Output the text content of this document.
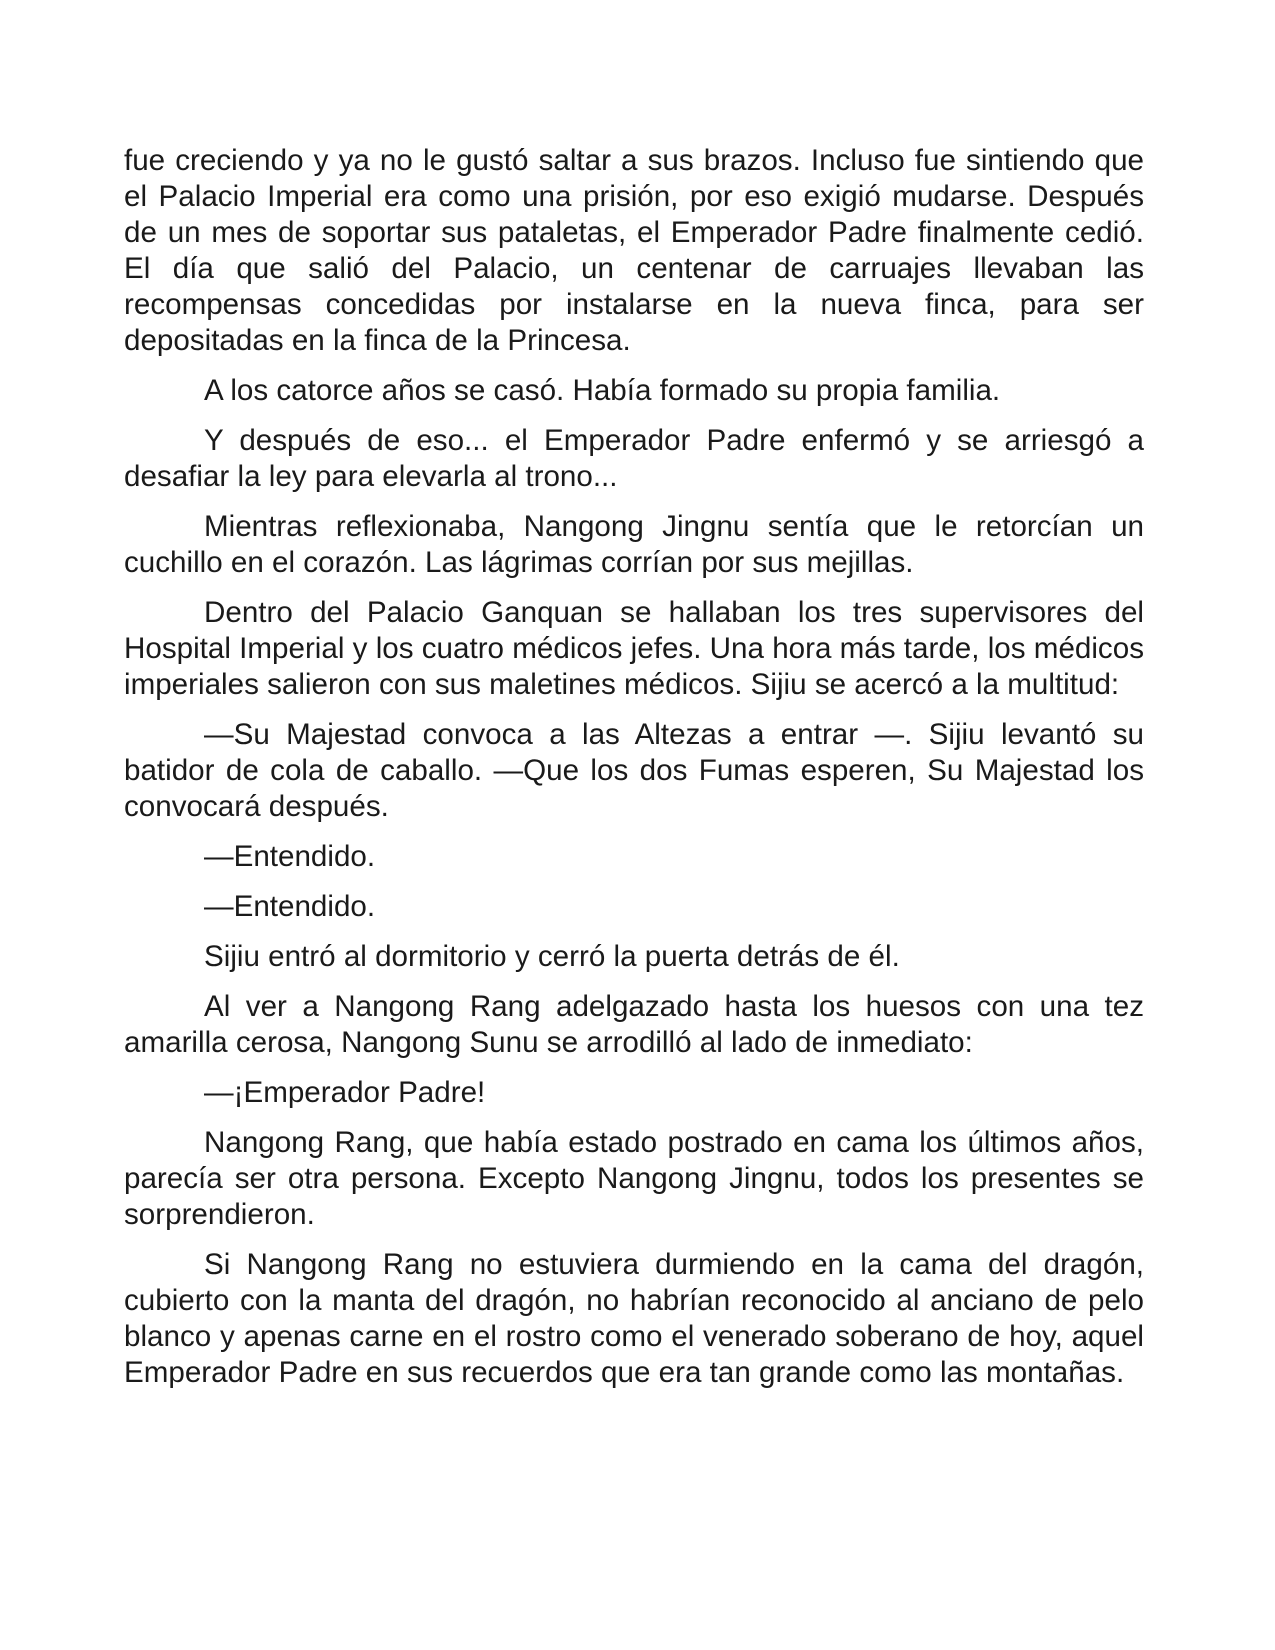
fue creciendo y ya no le gustó saltar a sus brazos. Incluso fue sintiendo que el Palacio Imperial era como una prisión, por eso exigió mudarse. Después de un mes de soportar sus pataletas, el Emperador Padre finalmente cedió. El día que salió del Palacio, un centenar de carruajes llevaban las recompensas concedidas por instalarse en la nueva finca, para ser depositadas en la finca de la Princesa.

A los catorce años se casó. Había formado su propia familia.

Y después de eso... el Emperador Padre enfermó y se arriesgó a desafiar la ley para elevarla al trono...

Mientras reflexionaba, Nangong Jingnu sentía que le retorcían un cuchillo en el corazón. Las lágrimas corrían por sus mejillas.

Dentro del Palacio Ganquan se hallaban los tres supervisores del Hospital Imperial y los cuatro médicos jefes. Una hora más tarde, los médicos imperiales salieron con sus maletines médicos. Sijiu se acercó a la multitud:

—Su Majestad convoca a las Altezas a entrar —. Sijiu levantó su batidor de cola de caballo. —Que los dos Fumas esperen, Su Majestad los convocará después.

—Entendido.

—Entendido.

Sijiu entró al dormitorio y cerró la puerta detrás de él.

Al ver a Nangong Rang adelgazado hasta los huesos con una tez amarilla cerosa, Nangong Sunu se arrodilló al lado de inmediato:

—¡Emperador Padre!

Nangong Rang, que había estado postrado en cama los últimos años, parecía ser otra persona. Excepto Nangong Jingnu, todos los presentes se sorprendieron.

Si Nangong Rang no estuviera durmiendo en la cama del dragón, cubierto con la manta del dragón, no habrían reconocido al anciano de pelo blanco y apenas carne en el rostro como el venerado soberano de hoy, aquel Emperador Padre en sus recuerdos que era tan grande como las montañas.
